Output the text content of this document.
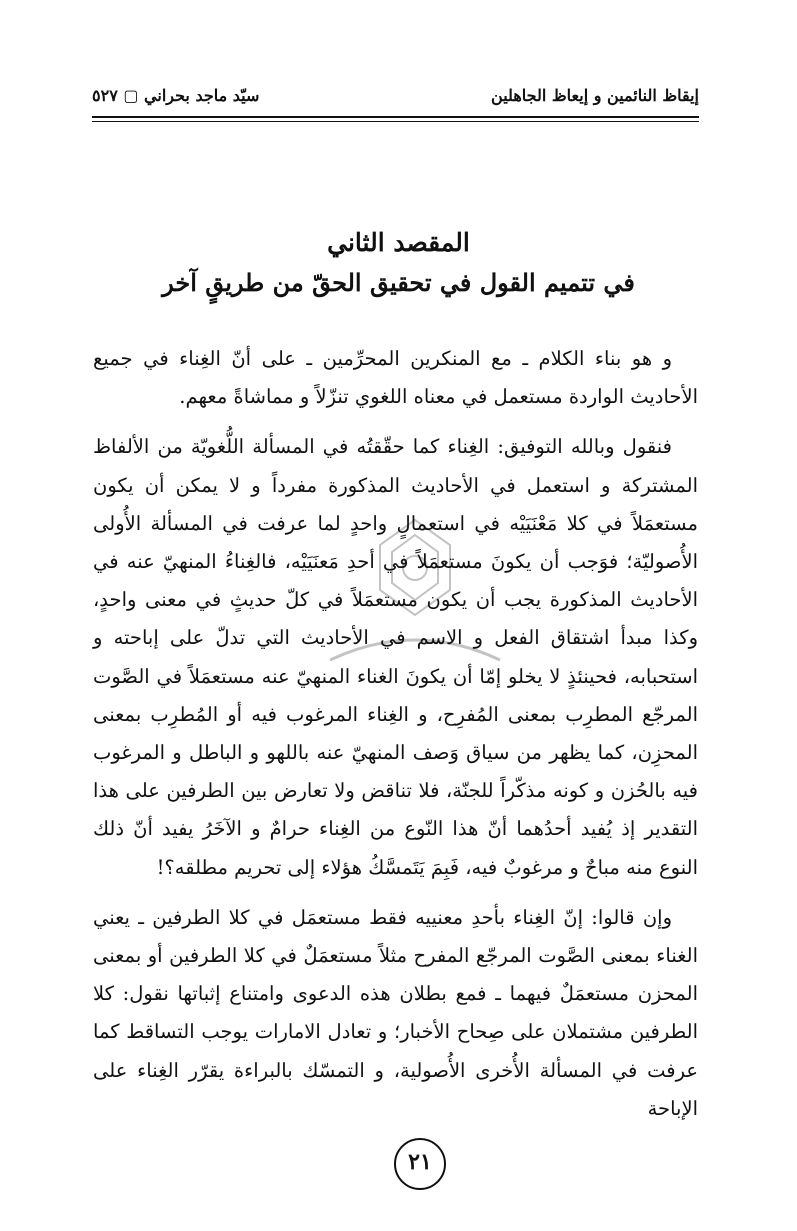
إيقاظ النائمين و إيعاظ الجاهلين
سيّد ماجد بحراني ▢ ٥٢٧
المقصد الثاني
في تتميم القول في تحقيق الحقّ من طريقٍ آخر

و هو بناء الكلام ـ مع المنكرين المحرِّمين ـ على أنّ الغِناء في جميع الأحاديث الواردة مستعمل في معناه اللغوي تنزّلاً و مماشاةً معهم.

فنقول وبالله التوفيق: الغِناء كما حقّقتُه في المسألة اللُّغويّة من الألفاظ المشتركة و استعمل في الأحاديث المذكورة مفرداً و لا يمكن أن يكون مستعمَلاً في كلا مَعْنَيَيْه في استعمالٍ واحدٍ لما عرفت في المسألة الأُولى الأُصوليّة؛ فوَجب أن يكونَ مستعمَلاً في أحدِ مَعنَيَيْه، فالغِناءُ المنهيّ عنه في الأحاديث المذكورة يجب أن يكون مستعمَلاً في كلّ حديثٍ في معنى واحدٍ، وكذا مبدأ اشتقاق الفعل و الاسم في الأحاديث التي تدلّ على إباحته و استحبابه، فحينئذٍ لا يخلو إمّا أن يكونَ الغناء المنهيّ عنه مستعمَلاً في الصَّوت المرجّع المطرِب بمعنى المُفرِح، و الغِناء المرغوب فيه أو المُطرِب بمعنى المحزِن، كما يظهر من سياق وَصف المنهيّ عنه باللهو و الباطل و المرغوب فيه بالحُزن و كونه مذكّراً للجنّة، فلا تناقض ولا تعارض بين الطرفين على هذا التقدير إذ يُفيد أحدُهما أنّ هذا النّوع من الغِناء حرامٌ و الآخَرُ يفيد أنّ ذلك النوع منه مباحٌ و مرغوبٌ فيه، فَبِمَ يَتَمسَّكُ هؤلاء إلى تحريم مطلقه؟!

وإن قالوا: إنّ الغِناء بأحدِ معنييه فقط مستعمَل في كلا الطرفين ـ يعني الغناء بمعنى الصَّوت المرجّع المفرح مثلاً مستعمَلٌ في كلا الطرفين أو بمعنى المحزن مستعمَلٌ فيهما ـ فمع بطلان هذه الدعوى وامتناع إثباتها نقول: كلا الطرفين مشتملان على صِحاح الأخبار؛ و تعادل الامارات يوجب التساقط كما عرفت في المسألة الأُخرى الأُصولية، و التمسّك بالبراءة يقرّر الغِناء على الإباحة

٢١
